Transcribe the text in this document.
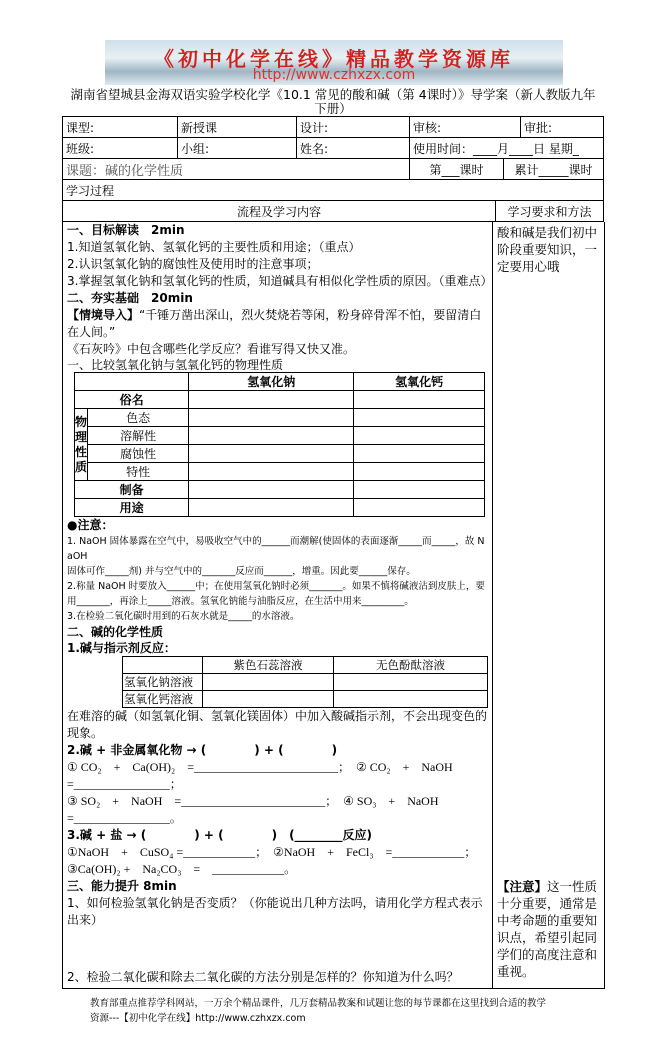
《初中化学在线》精品教学资源库
http://www.czhxzx.com
湖南省望城县金海双语实验学校化学《10.1 常见的酸和碱（第 4课时）》导学案（新人教版九年
下册）
课型:	新授课	设计:	审核:	审批:
班级:	小组:	姓名:	使用时间：____月____日 星期_	
课题：碱的化学性质	第___课时	累计_____课时
学习过程
流程及学习内容	学习要求和方法
一、目标解读　2min
1.知道氢氧化钠、氢氧化钙的主要性质和用途；（重点）
2.认识氢氧化钠的腐蚀性及使用时的注意事项；
3.掌握氢氧化钠和氢氧化钙的性质，知道碱具有相似化学性质的原因。（重难点）
二、夯实基础　20min
【情境导入】“千锤万凿出深山，烈火焚烧若等闲，粉身碎骨浑不怕，要留清白在人间。”
《石灰吟》中包含哪些化学反应？看谁写得又快又准。
一、比较氢氧化钠与氢氧化钙的物理性质
		氢氧化钠	氢氧化钙
俗名			
物理性质	色态		
	溶解性		
	腐蚀性		
	特性		
制备			
用途			
●注意：
1. NaOH 固体暴露在空气中，易吸收空气中的______而潮解(使固体的表面逐渐_____而_____，故 NaOH
固体可作_____剂) 并与空气中的_______反应而______，增重。因此要______保存。
2.称量 NaOH 时要放入______中；在使用氢氧化钠时必须_______。如果不慎将碱液沾到皮肤上，要
用_______，再涂上_____溶液。氢氧化钠能与油脂反应，在生活中用来_________。
3.在检验二氧化碳时用到的石灰水就是_____的水溶液。
二、碱的化学性质
1.碱与指示剂反应：
	紫色石蕊溶液	无色酚酞溶液
氢氧化钠溶液		
氢氧化钙溶液		
在难溶的碱（如氢氧化铜、氢氧化镁固体）中加入酸碱指示剂，不会出现变色的现象。
2.碱 + 非金属氧化物 → (　　　　) + (　　　　)
① CO₂　+　Ca(OH)₂　=________________________；　② CO₂　+　NaOH
=________________；
③ SO₂　+　NaOH　=________________________；　④ SO₃　+　NaOH
=________________。
3.碱 + 盐 → (　　　　) + (　　　　)　(________反应)
①NaOH　+　CuSO₄ =____________；　②NaOH　+　FeCl₃　=____________；
③Ca(OH)₂ +　Na₂CO₃　=　____________。
三、能力提升 8min
1、如何检验氢氧化钠是否变质？（你能说出几种方法吗，请用化学方程式表示出来）
2、检验二氧化碳和除去二氧化碳的方法分别是怎样的？你知道为什么吗？
酸和碱是我们初中阶段重要知识，一定要用心哦
【注意】这一性质十分重要，通常是中考命题的重要知识点，希望引起同学们的高度注意和重视。
教育部重点推荐学科网站，一万余个精品课件，几万套精品教案和试题让您的每节课都在这里找到合适的教学
资源---【初中化学在线】http://www.czhxzx.com
